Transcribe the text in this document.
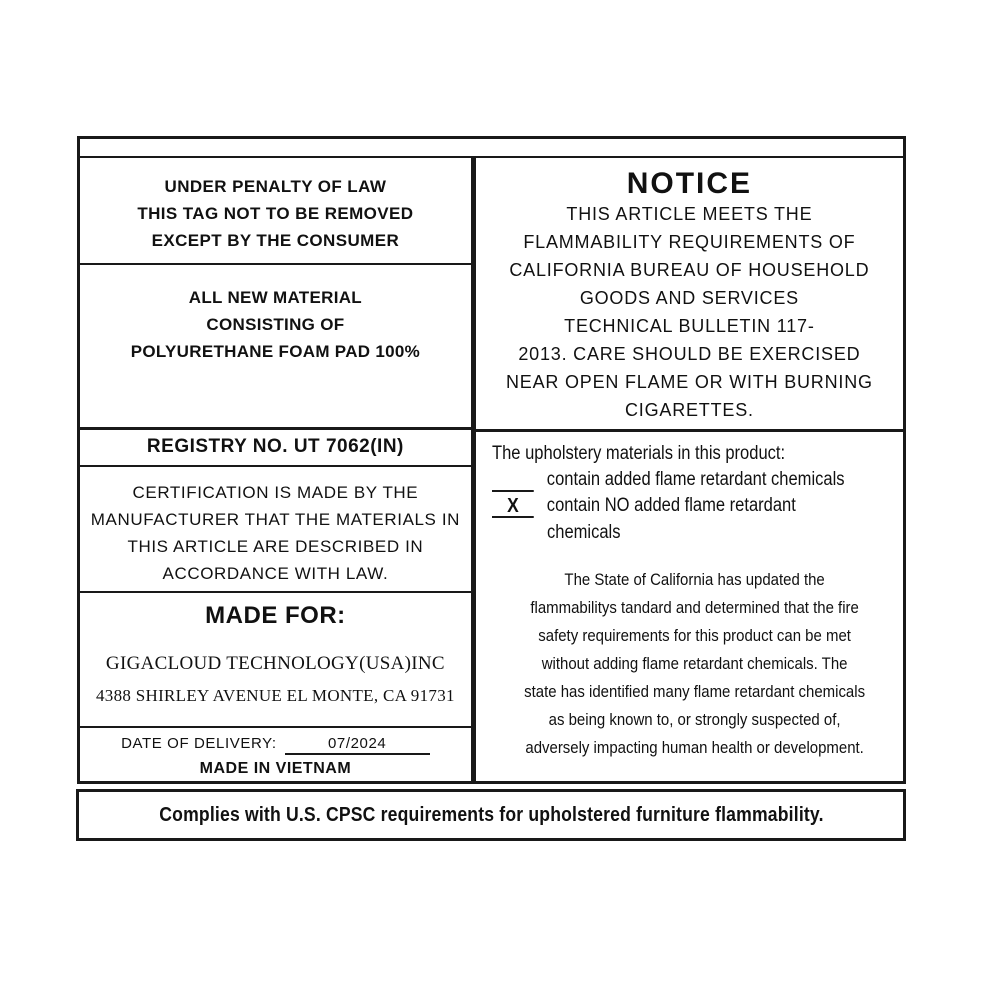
UNDER PENALTY OF LAW
THIS TAG NOT TO BE REMOVED
EXCEPT BY THE CONSUMER
ALL NEW MATERIAL
CONSISTING OF
POLYURETHANE FOAM PAD 100%
REGISTRY NO. UT 7062(IN)
CERTIFICATION IS MADE BY THE
MANUFACTURER THAT THE MATERIALS IN
THIS ARTICLE ARE DESCRIBED IN
ACCORDANCE WITH LAW.
MADE FOR:
GIGACLOUD TECHNOLOGY(USA)INC
4388 SHIRLEY AVENUE EL MONTE, CA 91731
DATE OF DELIVERY:	07/2024
MADE IN VIETNAM
NOTICE
THIS ARTICLE MEETS THE
FLAMMABILITY REQUIREMENTS OF
CALIFORNIA BUREAU OF HOUSEHOLD
GOODS AND SERVICES
TECHNICAL BULLETIN 117-
2013. CARE SHOULD BE EXERCISED
NEAR OPEN FLAME OR WITH BURNING
CIGARETTES.
The upholstery materials in this product:
contain added flame retardant chemicals
X	contain NO added flame retardant
chemicals
The State of California has updated the
flammabilitys tandard and determined that the fire
safety requirements for this product can be met
without adding flame retardant chemicals. The
state has identified many flame retardant chemicals
as being known to, or strongly suspected of,
adversely impacting human health or development.
Complies with U.S. CPSC requirements for upholstered furniture flammability.
